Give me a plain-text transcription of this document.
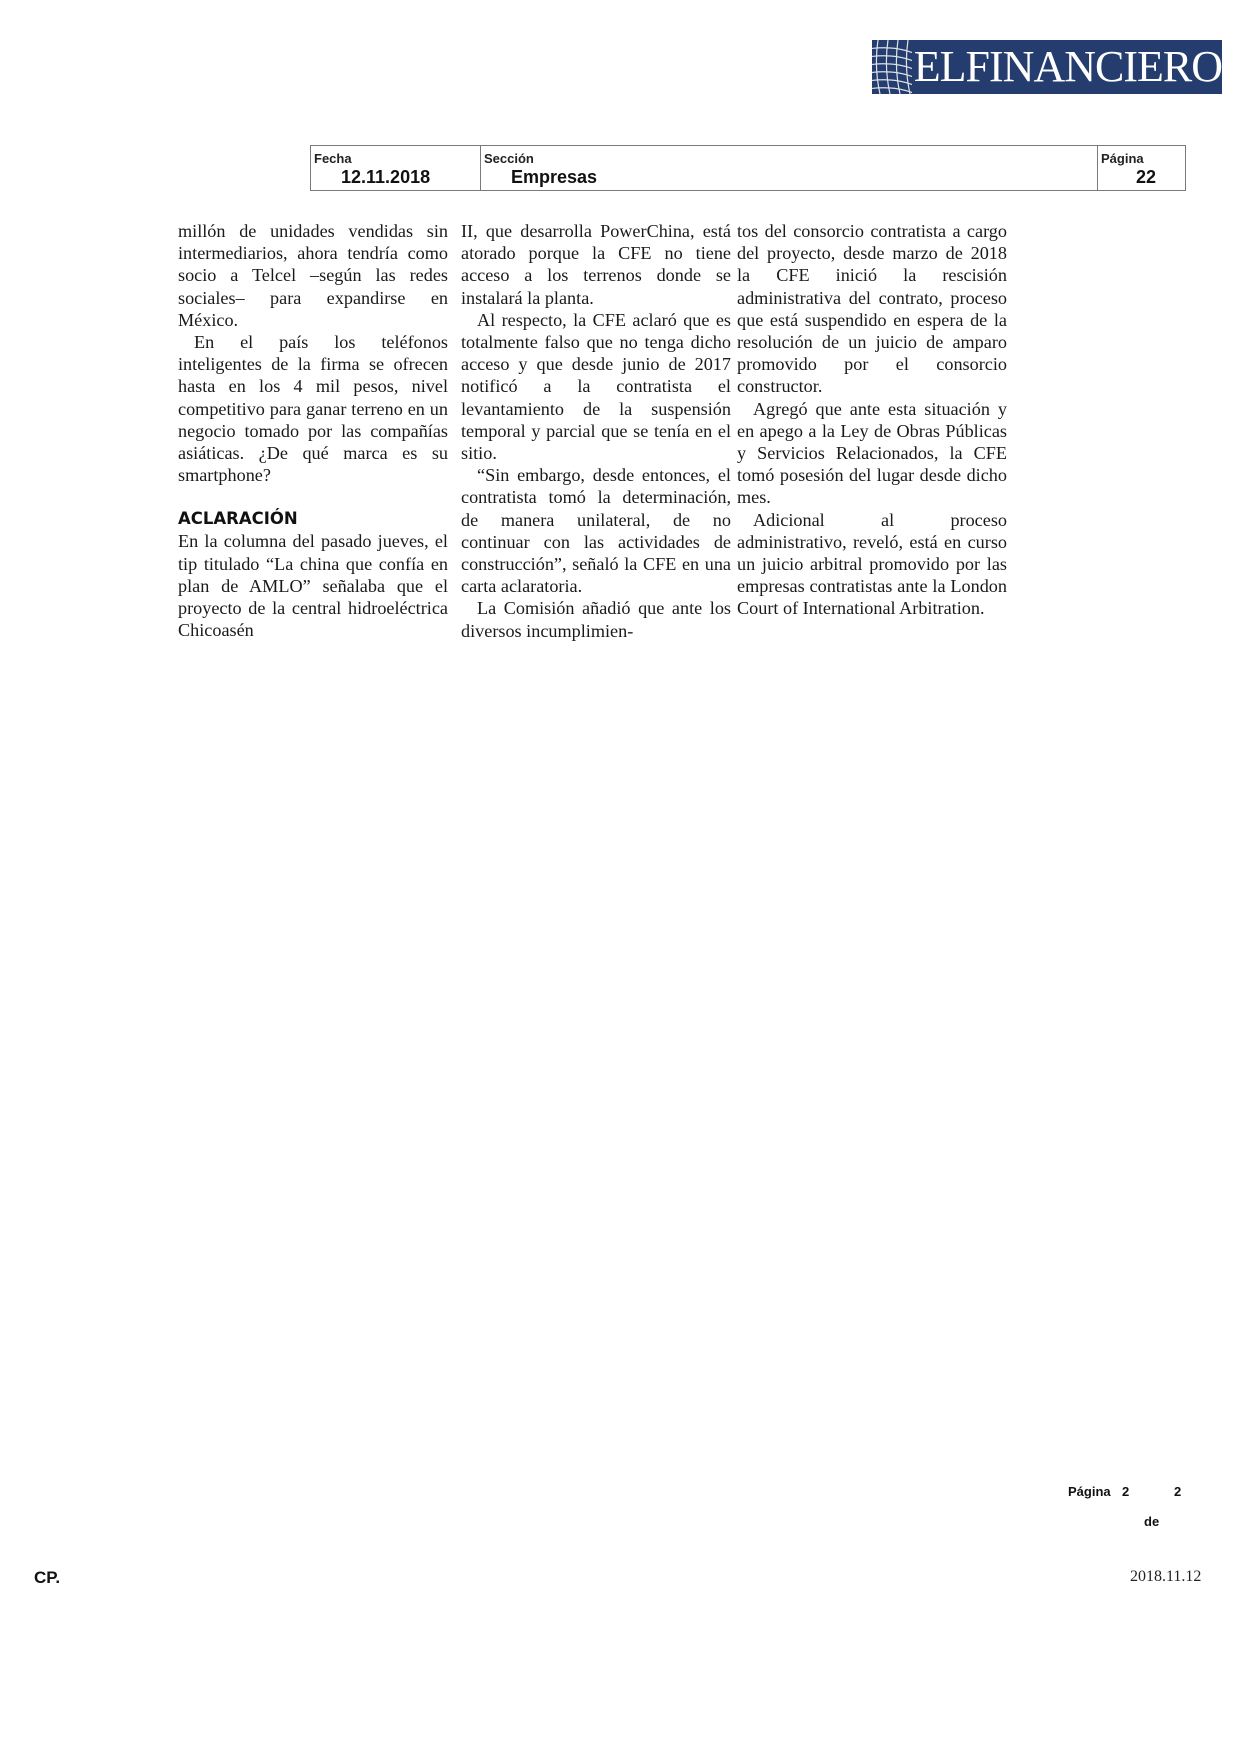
ELFINANCIERO
Fecha
12.11.2018
Sección
Empresas
Página
22

millón de unidades vendidas sin intermediarios, ahora tendría como socio a Telcel –según las redes sociales– para expandirse en México.

En el país los teléfonos inteligentes de la firma se ofrecen hasta en los 4 mil pesos, nivel competitivo para ganar terreno en un negocio tomado por las compañías asiáticas. ¿De qué marca es su smartphone?

ACLARACIÓN

En la columna del pasado jueves, el tip titulado “La china que confía en plan de AMLO” señalaba que el proyecto de la central hidroeléctrica Chicoasén

II, que desarrolla PowerChina, está atorado porque la CFE no tiene acceso a los terrenos donde se instalará la planta.

Al respecto, la CFE aclaró que es totalmente falso que no tenga dicho acceso y que desde junio de 2017 notificó a la contratista el levantamiento de la suspensión temporal y parcial que se tenía en el sitio.

“Sin embargo, desde entonces, el contratista tomó la determinación, de manera unilateral, de no continuar con las actividades de construcción”, señaló la CFE en una carta aclaratoria.

La Comisión añadió que ante los diversos incumplimien-

tos del consorcio contratista a cargo del proyecto, desde marzo de 2018 la CFE inició la rescisión administrativa del contrato, proceso que está suspendido en espera de la resolución de un juicio de amparo promovido por el consorcio constructor.

Agregó que ante esta situación y en apego a la Ley de Obras Públicas y Servicios Relacionados, la CFE tomó posesión del lugar desde dicho mes.

Adicional al proceso administrativo, reveló, está en curso un juicio arbitral promovido por las empresas contratistas ante la London Court of International Arbitration.

Página 2	2
de
CP.	2018.11.12
